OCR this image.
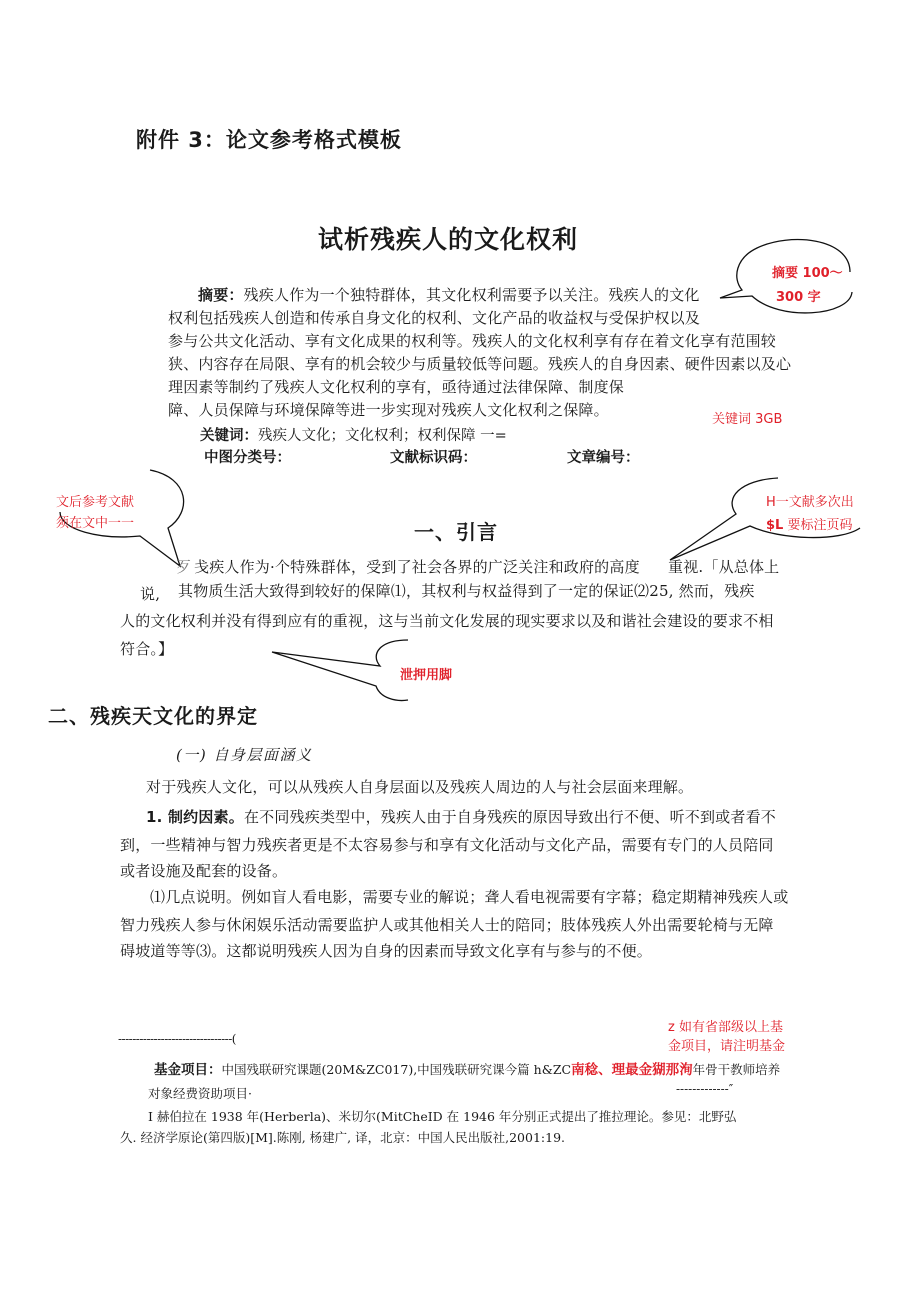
附件 3：论文参考格式模板
试析残疾人的文化权利
摘要：残疾人作为一个独特群体，其文化权利需要予以关注。残疾人的文化
权利包括残疾人创造和传承自身文化的权利、文化产品的收益权与受保护权以及
参与公共文化活动、享有文化成果的权利等。残疾人的文化权利享有存在着文化享有范围较
狭、内容存在局限、享有的机会较少与质量较低等问题。残疾人的自身因素、硬件因素以及心
理因素等制约了残疾人文化权利的享有，亟待通过法律保障、制度保
障、人员保障与环境保障等进一步实现对残疾人文化权利之保障。
关键词：残疾人文化；文化权利；权利保障 一=
中图分类号：	文献标识码：	文章编号：
一、引言
歹 戋疾人作为·个特殊群体，受到了社会各界的广泛关注和政府的高度 重视.「从总体上
说, 其物质生活大致得到较好的保障⑴，其权利与权益得到了一定的保证⑵25, 然而，残疾
人的文化权利并没有得到应有的重视，这与当前文化发展的现实要求以及和谐社会建设的要求不相
符合。】
二、残疾天文化的界定
(一) 自身层面涵义
对于残疾人文化，可以从残疾人自身层面以及残疾人周边的人与社会层面来理解。
1. 制约因素。在不同残疾类型中，残疾人由于自身残疾的原因导致出行不便、听不到或者看不
到，一些精神与智力残疾者更是不太容易参与和享有文化活动与文化产品，需要有专门的人员陪同
或者设施及配套的设备。
⑴几点说明。例如盲人看电影，需要专业的解说；聋人看电视需要有字幕；稳定期精神残疾人或
智力残疾人参与休闲娱乐活动需要监护人或其他相关人士的陪同；肢体残疾人外出需要轮椅与无障
碍坡道等等⑶。这都说明残疾人因为自身的因素而导致文化享有与参与的不便。
--------------------------------(
基金项目：中国残联研究课题(20M&ZC017),中国残联研究课今篇 h&ZC南稔、理最金猢那洵年骨干教师培养
对象经费资助项目·	-------------″
I 赫伯拉在 1938 年(Herberla)、米切尔(MitCheID 在 1946 年分别正式提出了推拉理论。参见：北野弘
久. 经济学原论(第四版)[M].陈刚, 杨建广, 译，北京：中国人民出版社,2001:19.
摘要 100～
300 字
关键词 3GB
文后参考文献
须在文中一一
H一文献多次出
$L 要标注页码
泄押用脚
z 如有省部级以上基
金项目，请注明基金
